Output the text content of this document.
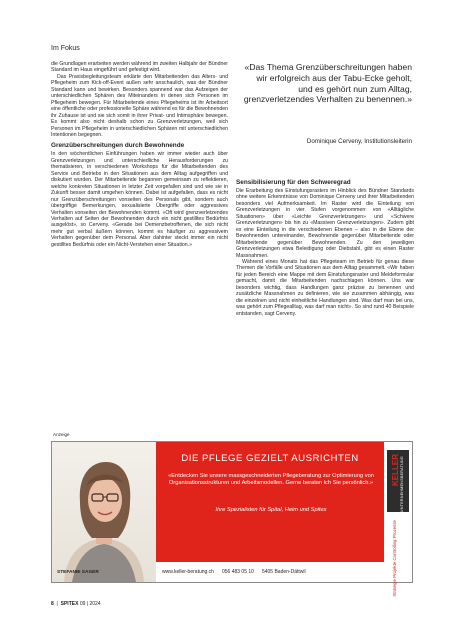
Im Fokus

die Grundlagen erarbeiten werden während im zweiten Halbjahr der Bündner Standard im Haus eingeführt und gefestigt wird.

Das Praxisbegleitungsteam erklärte den Mitarbeitenden das Alters- und Pflegeheim zum Kick-off-Event außen sehr anschaulich, was der Bündner Standard kann und bewirken. Besonders spannend war das Aufzeigen der unterschiedlichen Sphären des Miteinanders in denen sich Personen im Pflegeheim bewegen. Für Mitarbeitende eines Pflegeheims ist ihr Arbeitsort eine öffentliche oder professionelle Sphäre während es für die Bewohnenden ihr Zuhause ist und sie sich somit in ihrer Privat- und Intimsphäre bewegen. Es kommt also nicht deshalb schon zu Grenzverletzungen, weil sich Personen im Pflegeheim in unterschiedlichen Sphären mit unterschiedlichen Intentionen begegnen.

Grenzüberschreitungen durch Bewohnende

In den wöchentlichen Einführungen haben wir immer wieder auch über Grenzverletzungen und unterschiedliche Herausforderungen zu thematisieren, in verschiedenen Workshops für die Mitarbeitenden des Service und Betriebs in den Situationen aus dem Alltag aufgegriffen und diskutiert wurden. Der Mitarbeitende begannen gemeinsam zu reflektieren, welche konkreten Situationen in letzter Zeit vorgefallen sind und wie sie in Zukunft besser damit umgehen können. Dabei ist aufgefallen, dass es nicht nur Grenzüberschreitungen vonseiten des Personals gibt, sondern auch übergriffige Bemerkungen, sexualisierte Übergriffe oder aggressives Verhalten vonseiten der Bewohnenden kommt. «Oft wird grenzverletzendes Verhalten auf Seiten der Bewohnenden durch ein nicht gestilltes Bedürfnis ausgelöst», so Cerveny. «Gerade bei Demenzbetroffenen, die sich nicht mehr gut verbal äußern können, kommt es häufiger zu aggressivem Verhalten gegenüber dem Personal. Aber dahinter steckt immer ein nicht gestilltes Bedürfnis oder ein Nicht-Verstehen einer Situation.»

«Das Thema Grenzüberschreitungen haben wir erfolgreich aus der Tabu-Ecke geholt, und es gehört nun zum Alltag, grenzverletzendes Verhalten zu benennen.»
Dominique Cerveny, Institutionsleiterin
Sensibilisierung für den Schweregrad

Die Erarbeitung des Einstufungsrasters im Hinblick des Bündner Standards ohne weitere Erkenntnisse von Dominique Cerveny und ihrer Mitarbeitenden besonders viel Aufmerksamkeit. Im Raster wird die Einteilung von Grenzverletzungen in vier Stufen vorgenommen: von «Alltägliche Situationen» über «Leichte Grenzverletzungen» und «Schwere Grenzverletzungen» bis hin zu «Massiven Grenzverletzungen». Zudem gibt es eine Einteilung in die verschiedenen Ebenen – also in die Ebene der Bewohnenden untereinander, Bewohnende gegenüber Mitarbeitende oder Mitarbeitende gegenüber Bewohnenden. Zu den jeweiligen Grenzverletzungen etwa Beleidigung oder Diebstahl, gibt es einen Raster Massnahmen.

Während eines Monats hat das Pflegeteam im Betrieb für genau diese Themen die Vorfälle und Situationen aus dem Alltag gesammelt. «Wir haben für jeden Bereich eine Mappe mit dem Einstufungsraster und Meldeformular gemacht, damit die Mitarbeitenden nachschlagen können. Uns war besonders wichtig, dass Handlungen ganz präzise zu benennen und zusätzliche Massnahmen zu definieren, wie sie zusammen abhängig, was die einzelnen und nicht einheitliche Handlungen sind. Was darf man bei uns, was gehört zum Pflegealltag, was darf man nicht». So sind rund 40 Beispiele entstanden, sagt Cerveny.

Anzeige
STEFANIE SAGER
DIE PFLEGE GEZIELT AUSRICHTEN
«Entdecken Sie unsere massgeschneiderten Pflegeberatung zur Optimierung von Organisationsstrukturen und Arbeitsmodellen. Gerne beraten ich Sie persönlich.»
Ihre Spezialisten für Spital, Heim und Spitex
www.keller-beratung.ch 056 483 05 10 5405 Baden-Dättwil
KELLER UNTERNEHMENSBERATUNG
Strategie Projekte Controlling Prozesse
8  |  SPITEX 09 | 2024
